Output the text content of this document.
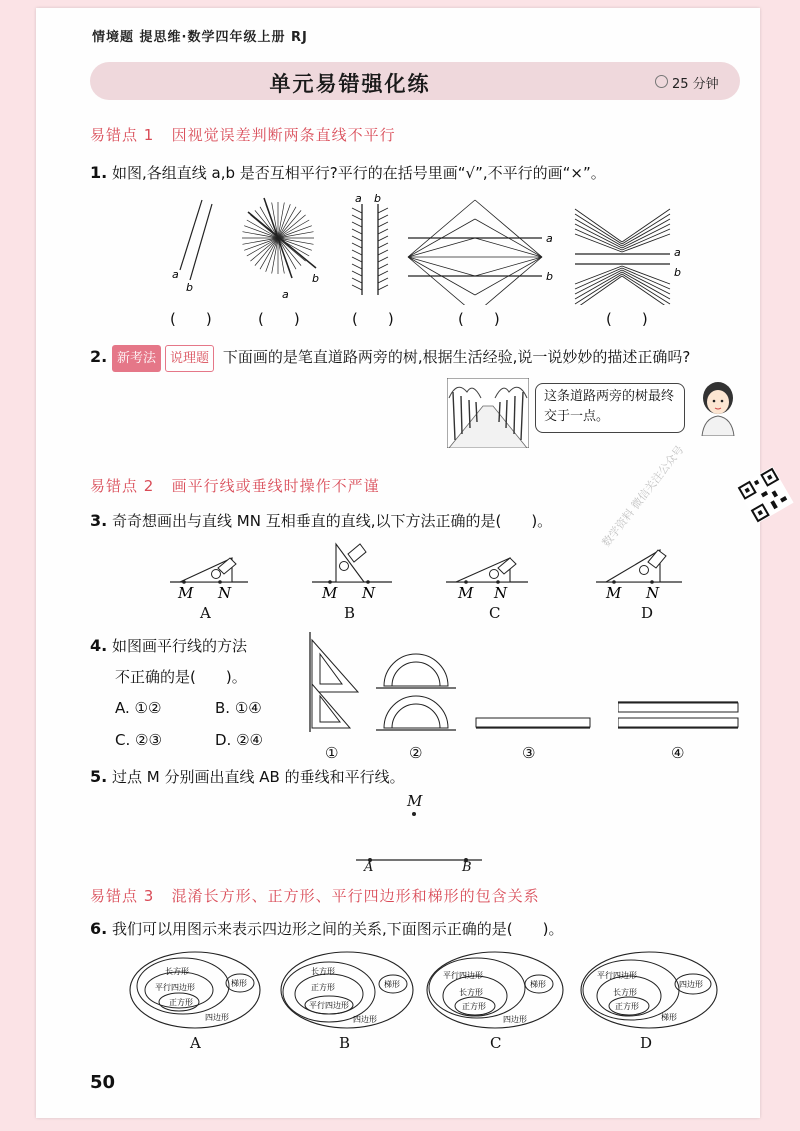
情境题 提思维·数学四年级上册 RJ
单元易错强化练	25 分钟
易错点 1 因视觉误差判断两条直线不平行
1. 如图,各组直线 a,b 是否互相平行?平行的在括号里画“√”,不平行的画“×”。
a
b
a
b
a b
a
b
a
b
(　　)	(　　)	(　　)	(　　)	(　　)
2. 新考法 说理题 下面画的是笔直道路两旁的树,根据生活经验,说一说妙妙的描述正确吗?
这条道路两旁的树最终交于一点。
易错点 2 画平行线或垂线时操作不严谨
3. 奇奇想画出与直线 MN 互相垂直的直线,以下方法正确的是(　　)。
M N	M N	M N	M N
A	B	C	D
4. 如图画平行线的方法
不正确的是(　　)。
A. ①②	B. ①④
C. ②③	D. ②④
①	②	③	④
5. 过点 M 分别画出直线 AB 的垂线和平行线。
M
A	B
易错点 3 混淆长方形、正方形、平行四边形和梯形的包含关系
6. 我们可以用图示来表示四边形之间的关系,下面图示正确的是(　　)。
长方形
平行四边形
正方形
梯形
四边形
长方形
正方形
平行四边形
梯形
四边形
平行四边形
长方形
正方形
梯形
四边形
平行四边形
长方形
正方形
四边形
梯形
A	B	C	D
数学资料 微信关注公众号
50
